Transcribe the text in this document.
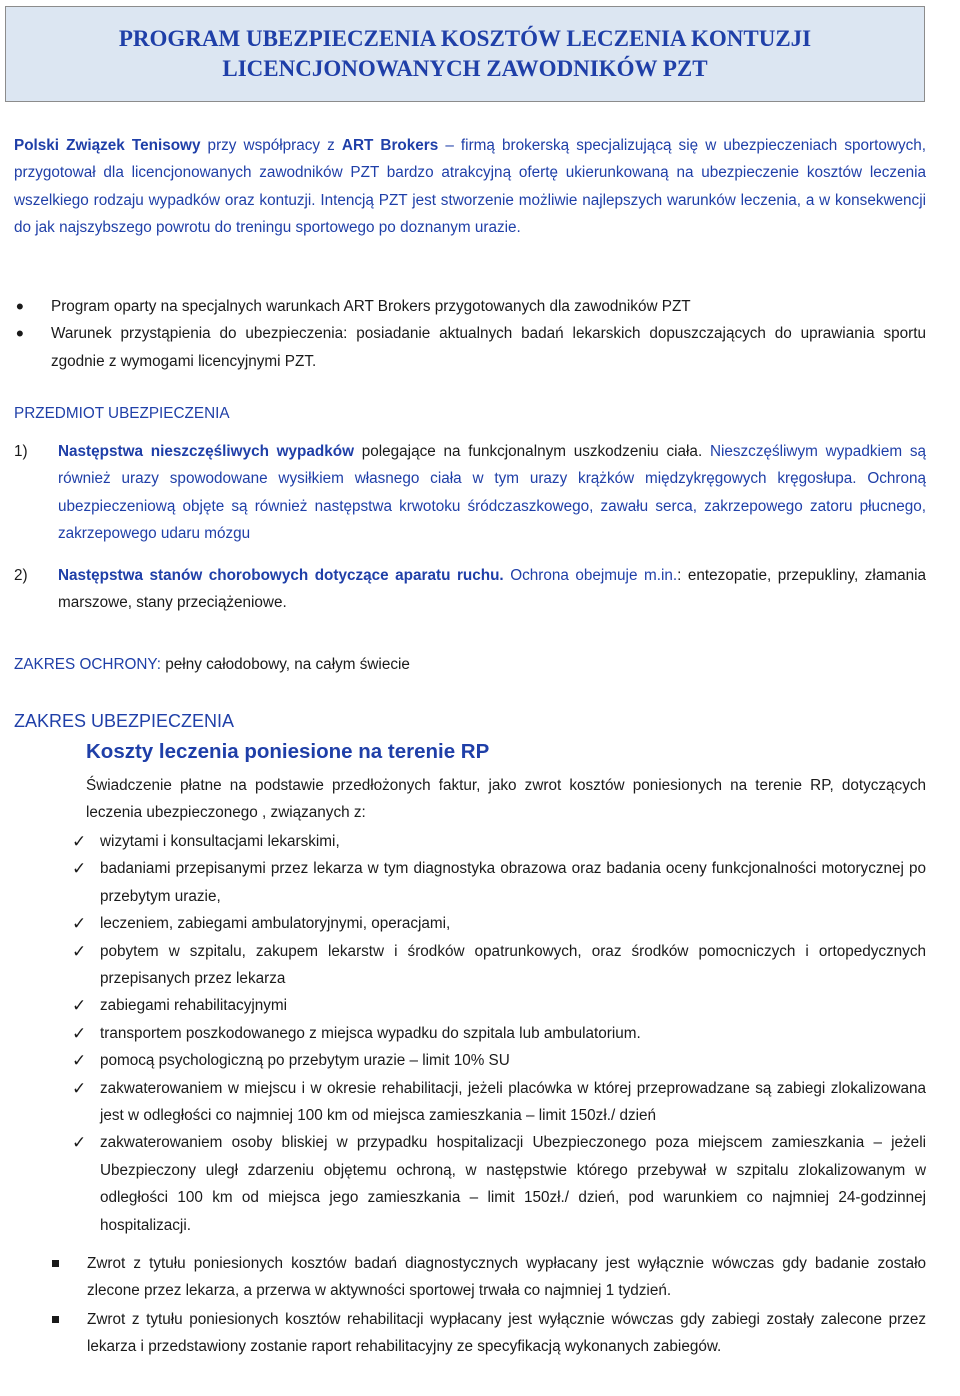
PROGRAM UBEZPIECZENIA KOSZTÓW LECZENIA KONTUZJI
LICENCJONOWANYCH ZAWODNIKÓW PZT
Polski Związek Tenisowy przy współpracy z ART Brokers – firmą brokerską specjalizującą się w ubezpieczeniach sportowych, przygotował dla licencjonowanych zawodników PZT bardzo atrakcyjną ofertę ukierunkowaną na ubezpieczenie kosztów leczenia wszelkiego rodzaju wypadków oraz kontuzji. Intencją PZT jest stworzenie możliwie najlepszych warunków leczenia, a w konsekwencji do jak najszybszego powrotu do treningu sportowego po doznanym urazie.
• Program oparty na specjalnych warunkach ART Brokers przygotowanych dla zawodników PZT
• Warunek przystąpienia do ubezpieczenia: posiadanie aktualnych badań lekarskich dopuszczających do uprawiania sportu zgodnie z wymogami licencyjnymi PZT.
PRZEDMIOT UBEZPIECZENIA
1) Następstwa nieszczęśliwych wypadków polegające na funkcjonalnym uszkodzeniu ciała. Nieszczęśliwym wypadkiem są również urazy spowodowane wysiłkiem własnego ciała w tym urazy krążków międzykręgowych kręgosłupa. Ochroną ubezpieczeniową objęte są również następstwa krwotoku śródczaszkowego, zawału serca, zakrzepowego zatoru płucnego, zakrzepowego udaru mózgu
2) Następstwa stanów chorobowych dotyczące aparatu ruchu. Ochrona obejmuje m.in.: entezopatie, przepukliny, złamania marszowe, stany przeciążeniowe.
ZAKRES OCHRONY: pełny całodobowy, na całym świecie
ZAKRES UBEZPIECZENIA
Koszty leczenia poniesione na terenie RP
Świadczenie płatne na podstawie przedłożonych faktur, jako zwrot kosztów poniesionych na terenie RP, dotyczących leczenia ubezpieczonego , związanych z:
✓ wizytami i konsultacjami lekarskimi,
✓ badaniami przepisanymi przez lekarza w tym diagnostyka obrazowa oraz badania oceny funkcjonalności motorycznej po przebytym urazie,
✓ leczeniem, zabiegami ambulatoryjnymi, operacjami,
✓ pobytem w szpitalu, zakupem lekarstw i środków opatrunkowych, oraz środków pomocniczych i ortopedycznych przepisanych przez lekarza
✓ zabiegami rehabilitacyjnymi
✓ transportem poszkodowanego z miejsca wypadku do szpitala lub ambulatorium.
✓ pomocą psychologiczną po przebytym urazie – limit 10% SU
✓ zakwaterowaniem w miejscu i w okresie rehabilitacji, jeżeli placówka w której przeprowadzane są zabiegi zlokalizowana jest w odległości co najmniej 100 km od miejsca zamieszkania – limit 150zł./ dzień
✓ zakwaterowaniem osoby bliskiej w przypadku hospitalizacji Ubezpieczonego poza miejscem zamieszkania – jeżeli Ubezpieczony uległ zdarzeniu objętemu ochroną, w następstwie którego przebywał w szpitalu zlokalizowanym w odległości 100 km od miejsca jego zamieszkania – limit 150zł./ dzień, pod warunkiem co najmniej 24-godzinnej hospitalizacji.
Zwrot z tytułu poniesionych kosztów badań diagnostycznych wypłacany jest wyłącznie wówczas gdy badanie zostało zlecone przez lekarza, a przerwa w aktywności sportowej trwała co najmniej 1 tydzień.
Zwrot z tytułu poniesionych kosztów rehabilitacji wypłacany jest wyłącznie wówczas gdy zabiegi zostały zalecone przez lekarza i przedstawiony zostanie raport rehabilitacyjny ze specyfikacją wykonanych zabiegów.
